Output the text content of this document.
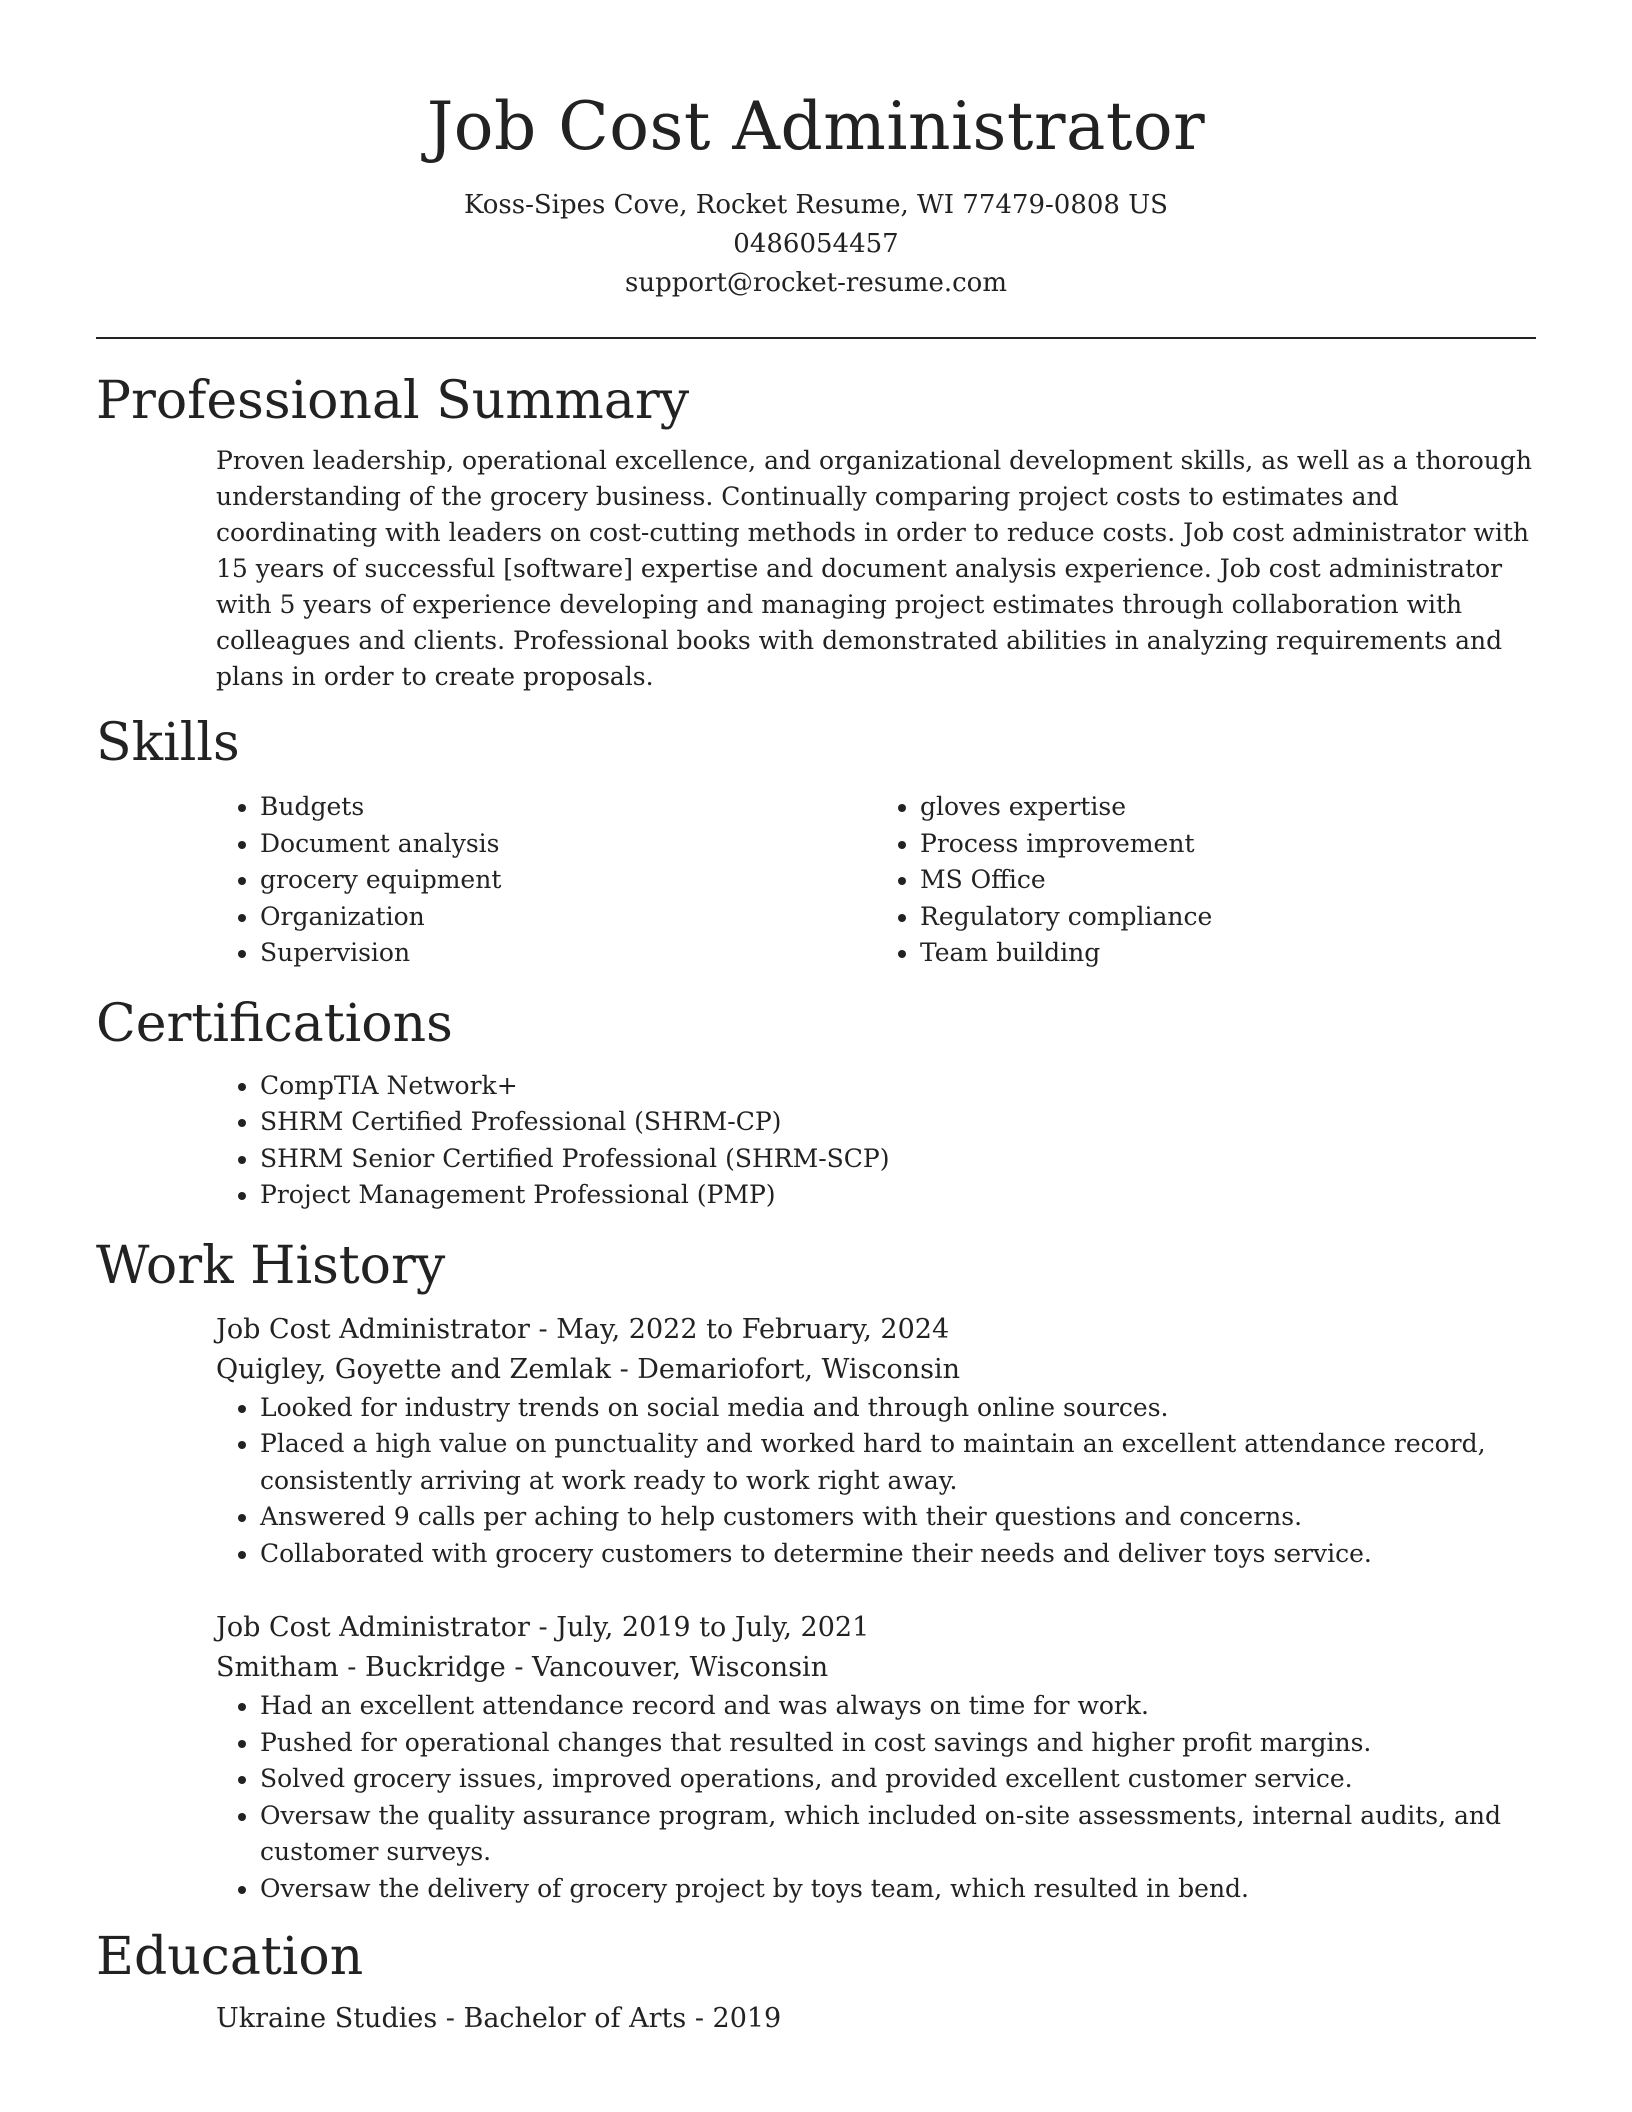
Job Cost Administrator
Koss-Sipes Cove, Rocket Resume, WI 77479-0808 US
0486054457
support@rocket-resume.com
Professional Summary
Proven leadership, operational excellence, and organizational development skills, as well as a thorough understanding of the grocery business. Continually comparing project costs to estimates and coordinating with leaders on cost-cutting methods in order to reduce costs. Job cost administrator with 15 years of successful [software] expertise and document analysis experience. Job cost administrator with 5 years of experience developing and managing project estimates through collaboration with colleagues and clients. Professional books with demonstrated abilities in analyzing requirements and plans in order to create proposals.
Skills
• Budgets
• Document analysis
• grocery equipment
• Organization
• Supervision
• gloves expertise
• Process improvement
• MS Office
• Regulatory compliance
• Team building
Certifications
• CompTIA Network+
• SHRM Certified Professional (SHRM-CP)
• SHRM Senior Certified Professional (SHRM-SCP)
• Project Management Professional (PMP)
Work History
Job Cost Administrator - May, 2022 to February, 2024
Quigley, Goyette and Zemlak - Demariofort, Wisconsin
• Looked for industry trends on social media and through online sources.
• Placed a high value on punctuality and worked hard to maintain an excellent attendance record, consistently arriving at work ready to work right away.
• Answered 9 calls per aching to help customers with their questions and concerns.
• Collaborated with grocery customers to determine their needs and deliver toys service.
Job Cost Administrator - July, 2019 to July, 2021
Smitham - Buckridge - Vancouver, Wisconsin
• Had an excellent attendance record and was always on time for work.
• Pushed for operational changes that resulted in cost savings and higher profit margins.
• Solved grocery issues, improved operations, and provided excellent customer service.
• Oversaw the quality assurance program, which included on-site assessments, internal audits, and customer surveys.
• Oversaw the delivery of grocery project by toys team, which resulted in bend.
Education
Ukraine Studies - Bachelor of Arts - 2019
